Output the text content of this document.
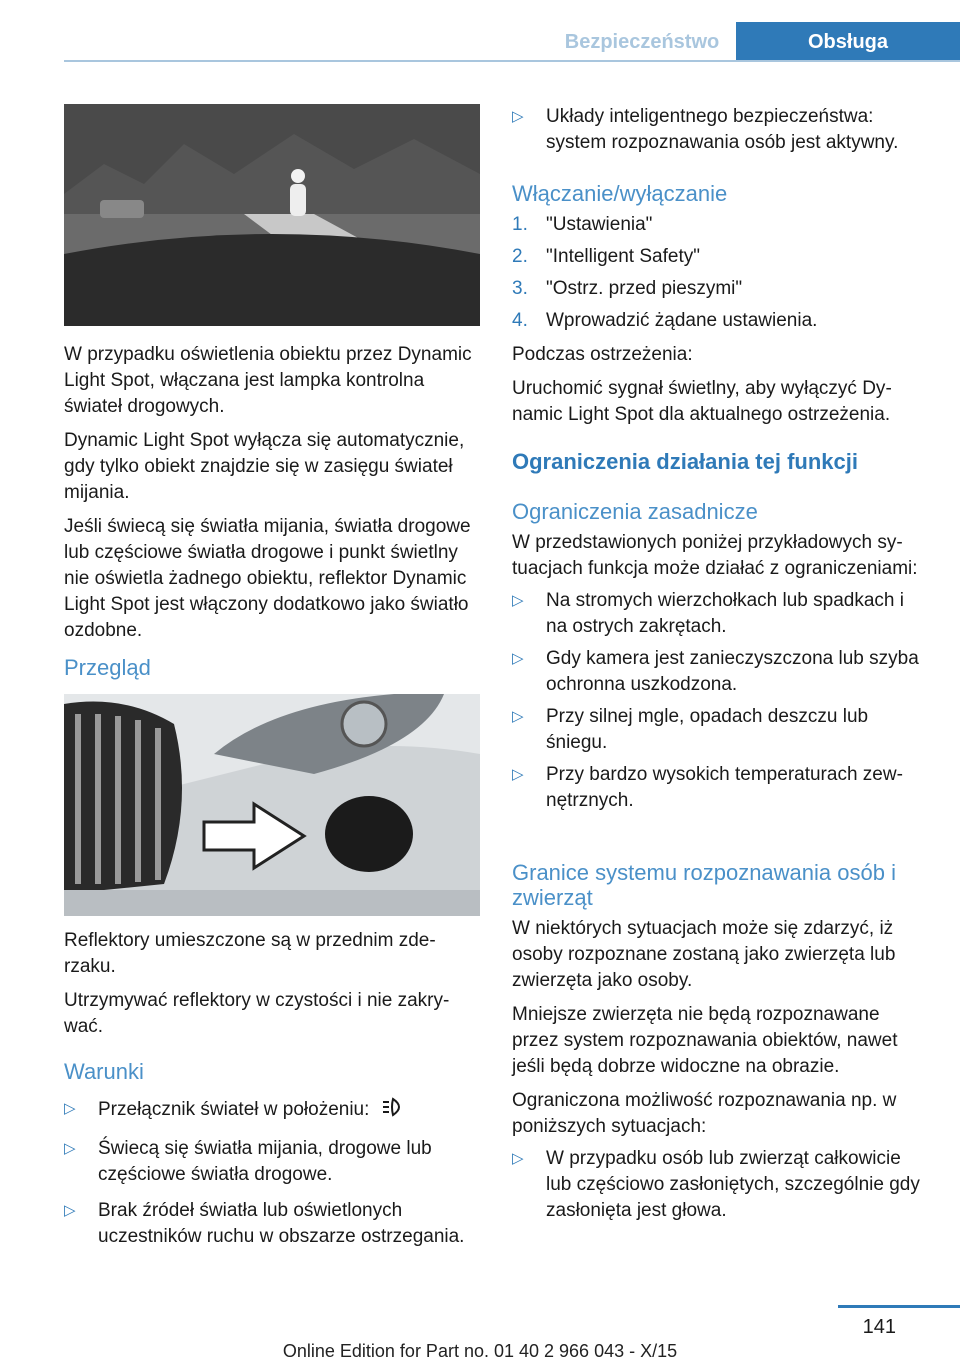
Bezpieczeństwo	Obsługa

W przypadku oświetlenia obiektu przez Dynamic Light Spot, włączana jest lampka kontrolna świateł drogowych.

Dynamic Light Spot wyłącza się automatycznie, gdy tylko obiekt znajdzie się w zasięgu świateł mijania.

Jeśli świecą się światła mijania, światła drogowe lub częściowe światła drogowe i punkt świetlny nie oświetla żadnego obiektu, reflektor Dynamic Light Spot jest włączony dodatkowo jako światło ozdobne.

Przegląd

Reflektory umieszczone są w przednim zderzaku.

Utrzymywać reflektory w czystości i nie zakrywać.

Warunki
▷ Przełącznik świateł w położeniu:
▷ Świecą się światła mijania, drogowe lub częściowe światła drogowe.
▷ Brak źródeł światła lub oświetlonych uczestników ruchu w obszarze ostrzegania.
▷ Układy inteligentnego bezpieczeństwa: system rozpoznawania osób jest aktywny.
Włączanie/wyłączanie
1. "Ustawienia"
2. "Intelligent Safety"
3. "Ostrz. przed pieszymi"
4. Wprowadzić żądane ustawienia.

Podczas ostrzeżenia:

Uruchomić sygnał świetlny, aby wyłączyć Dynamic Light Spot dla aktualnego ostrzeżenia.

Ograniczenia działania tej funkcji
Ograniczenia zasadnicze

W przedstawionych poniżej przykładowych sytuacjach funkcja może działać z ograniczeniami:

▷ Na stromych wierzchołkach lub spadkach i na ostrych zakrętach.
▷ Gdy kamera jest zanieczyszczona lub szyba ochronna uszkodzona.
▷ Przy silnej mgle, opadach deszczu lub śniegu.
▷ Przy bardzo wysokich temperaturach zewnętrznych.
Granice systemu rozpoznawania osób i zwierząt

W niektórych sytuacjach może się zdarzyć, iż osoby rozpoznane zostaną jako zwierzęta lub zwierzęta jako osoby.

Mniejsze zwierzęta nie będą rozpoznawane przez system rozpoznawania obiektów, nawet jeśli będą dobrze widoczne na obrazie.

Ograniczona możliwość rozpoznawania np. w poniższych sytuacjach:

▷ W przypadku osób lub zwierząt całkowicie lub częściowo zasłoniętych, szczególnie gdy zasłonięta jest głowa.
141
Online Edition for Part no. 01 40 2 966 043 - X/15
